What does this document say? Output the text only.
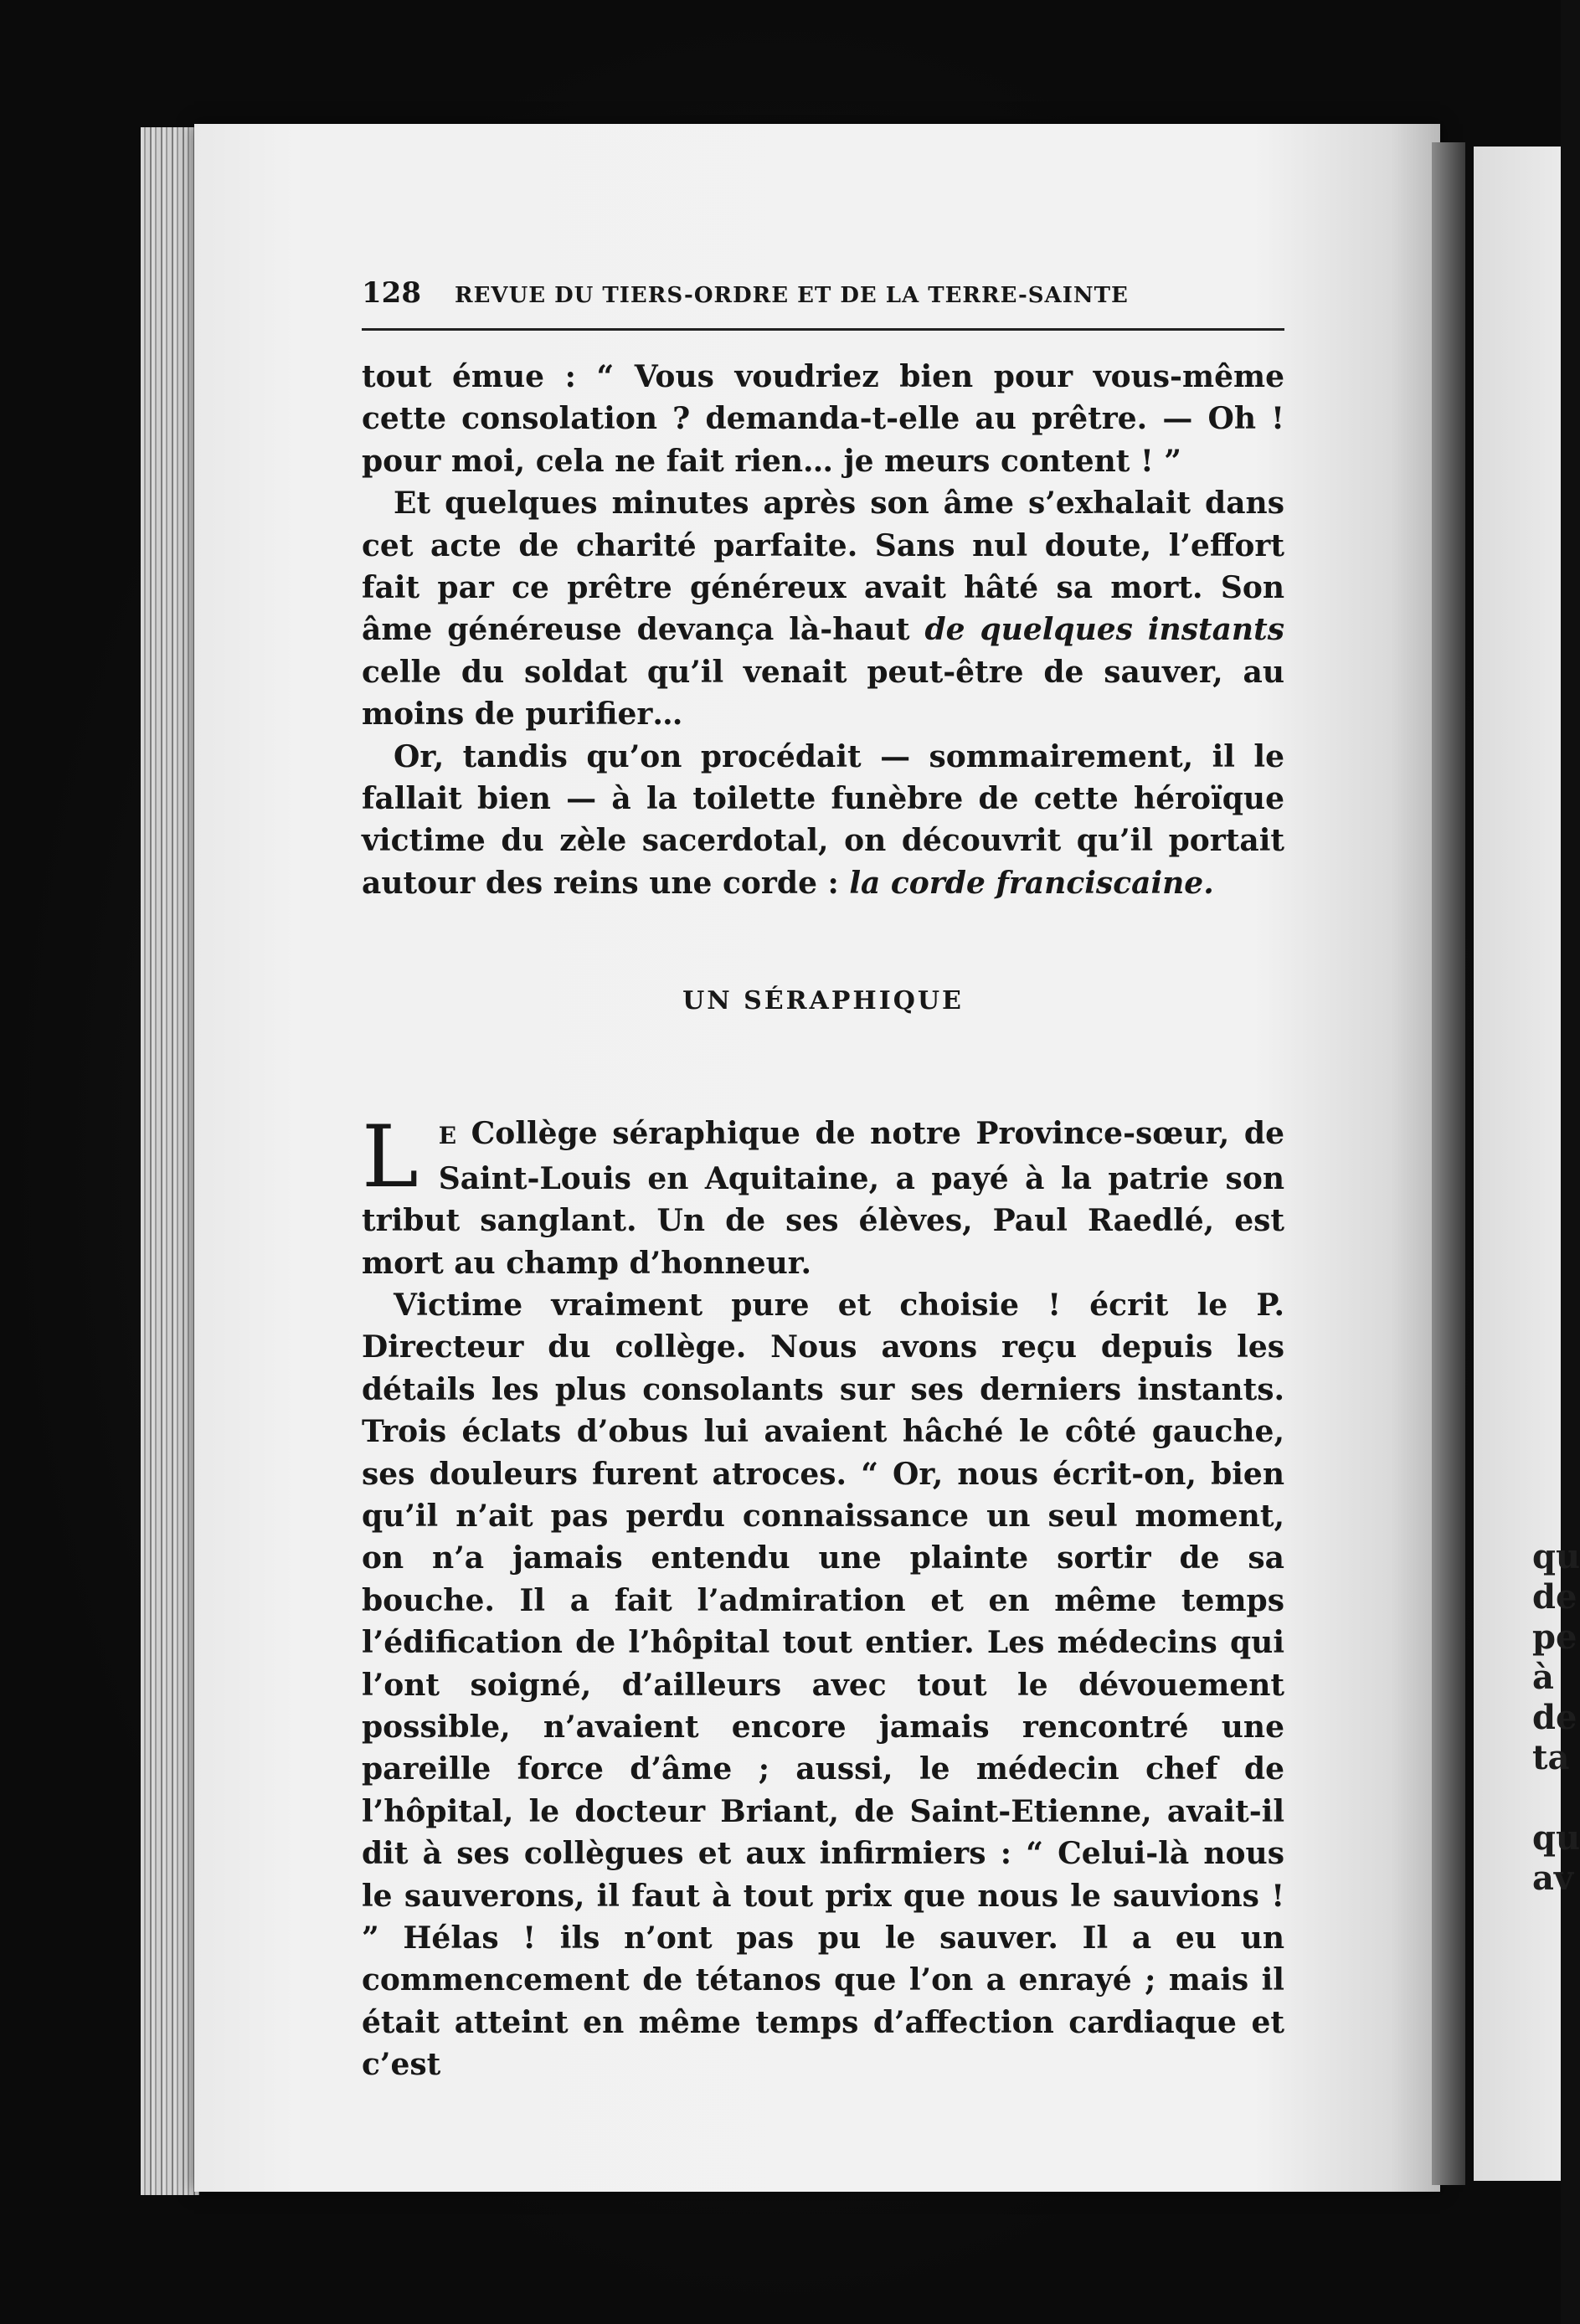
qu
de
pe
à
de
ta
qu
av
128 REVUE DU TIERS-ORDRE ET DE LA TERRE-SAINTE

tout émue : “ Vous voudriez bien pour vous-même cette consolation ? demanda-t-elle au prêtre. — Oh ! pour moi, cela ne fait rien… je meurs content ! ”

Et quelques minutes après son âme s’exhalait dans cet acte de charité parfaite. Sans nul doute, l’effort fait par ce prêtre généreux avait hâté sa mort. Son âme généreuse devança là-haut de quelques instants celle du soldat qu’il venait peut-être de sauver, au moins de purifier…

Or, tandis qu’on procédait — sommairement, il le fallait bien — à la toilette funèbre de cette héroïque victime du zèle sacerdotal, on découvrit qu’il portait autour des reins une corde : la corde franciscaine.

UN SÉRAPHIQUE

L E Collège séraphique de notre Province-sœur, de Saint-Louis en Aquitaine, a payé à la patrie son tribut sanglant. Un de ses élèves, Paul Raedlé, est mort au champ d’honneur.

Victime vraiment pure et choisie ! écrit le P. Directeur du collège. Nous avons reçu depuis les détails les plus consolants sur ses derniers instants. Trois éclats d’obus lui avaient hâché le côté gauche, ses douleurs furent atroces. “ Or, nous écrit-on, bien qu’il n’ait pas perdu connaissance un seul moment, on n’a jamais entendu une plainte sortir de sa bouche. Il a fait l’admiration et en même temps l’édification de l’hôpital tout entier. Les médecins qui l’ont soigné, d’ailleurs avec tout le dévouement possible, n’avaient encore jamais rencontré une pareille force d’âme ; aussi, le médecin chef de l’hôpital, le docteur Briant, de Saint-Etienne, avait-il dit à ses collègues et aux infirmiers : “ Celui-là nous le sauverons, il faut à tout prix que nous le sauvions ! ” Hélas ! ils n’ont pas pu le sauver. Il a eu un commencement de tétanos que l’on a enrayé ; mais il était atteint en même temps d’affection cardiaque et c’est
